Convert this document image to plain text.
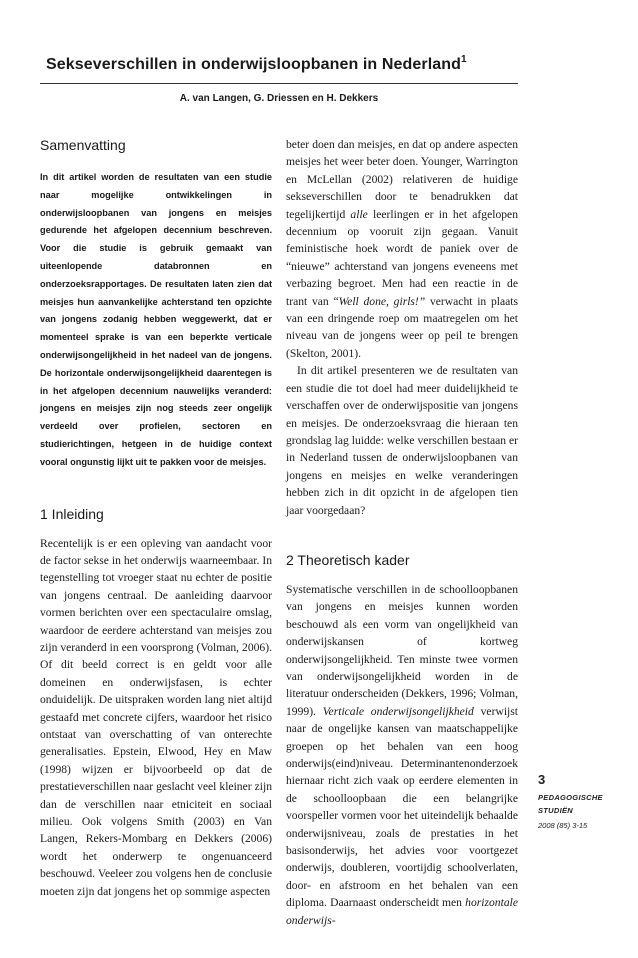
Sekseverschillen in onderwijsloopbanen in Nederland$^1$
A. van Langen, G. Driessen en H. Dekkers
Samenvatting

In dit artikel worden de resultaten van een studie naar mogelijke ontwikkelingen in onderwijsloopbanen van jongens en meisjes gedurende het afgelopen decennium beschreven. Voor die studie is gebruik gemaakt van uiteenlopende databronnen en onderzoeksrapportages. De resultaten laten zien dat meisjes hun aanvankelijke achterstand ten opzichte van jongens zodanig hebben weggewerkt, dat er momenteel sprake is van een beperkte verticale onderwijsongelijkheid in het nadeel van de jongens. De horizontale onderwijsongelijkheid daarentegen is in het afgelopen decennium nauwelijks veranderd: jongens en meisjes zijn nog steeds zeer ongelijk verdeeld over profielen, sectoren en studierichtingen, hetgeen in de huidige context vooral ongunstig lijkt uit te pakken voor de meisjes.

1 Inleiding

Recentelijk is er een opleving van aandacht voor de factor sekse in het onderwijs waarneembaar. In tegenstelling tot vroeger staat nu echter de positie van jongens centraal. De aanleiding daarvoor vormen berichten over een spectaculaire omslag, waardoor de eerdere achterstand van meisjes zou zijn veranderd in een voorsprong (Volman, 2006). Of dit beeld correct is en geldt voor alle domeinen en onderwijsfasen, is echter onduidelijk. De uitspraken worden lang niet altijd gestaafd met concrete cijfers, waardoor het risico ontstaat van overschatting of van onterechte generalisaties. Epstein, Elwood, Hey en Maw (1998) wijzen er bijvoorbeeld op dat de prestatieverschillen naar geslacht veel kleiner zijn dan de verschillen naar etniciteit en sociaal milieu. Ook volgens Smith (2003) en Van Langen, Rekers-Mombarg en Dekkers (2006) wordt het onderwerp te ongenuanceerd beschouwd. Veeleer zou volgens hen de conclusie moeten zijn dat jongens het op sommige aspecten

beter doen dan meisjes, en dat op andere aspecten meisjes het weer beter doen. Younger, Warrington en McLellan (2002) relativeren de huidige sekseverschillen door te benadrukken dat tegelijkertijd alle leerlingen er in het afgelopen decennium op vooruit zijn gegaan. Vanuit feministische hoek wordt de paniek over de “nieuwe” achterstand van jongens eveneens met verbazing begroet. Men had een reactie in de trant van “Well done, girls!” verwacht in plaats van een dringende roep om maatregelen om het niveau van de jongens weer op peil te brengen (Skelton, 2001).

In dit artikel presenteren we de resultaten van een studie die tot doel had meer duidelijkheid te verschaffen over de onderwijspositie van jongens en meisjes. De onderzoeksvraag die hieraan ten grondslag lag luidde: welke verschillen bestaan er in Nederland tussen de onderwijsloopbanen van jongens en meisjes en welke veranderingen hebben zich in dit opzicht in de afgelopen tien jaar voorgedaan?

2 Theoretisch kader

Systematische verschillen in de schoolloopbanen van jongens en meisjes kunnen worden beschouwd als een vorm van ongelijkheid van onderwijskansen of kortweg onderwijsongelijkheid. Ten minste twee vormen van onderwijsongelijkheid worden in de literatuur onderscheiden (Dekkers, 1996; Volman, 1999). Verticale onderwijsongelijkheid verwijst naar de ongelijke kansen van maatschappelijke groepen op het behalen van een hoog onderwijs(eind)niveau. Determinantenonderzoek hiernaar richt zich vaak op eerdere elementen in de schoolloopbaan die een belangrijke voorspeller vormen voor het uiteindelijk behaalde onderwijsniveau, zoals de prestaties in het basisonderwijs, het advies voor voortgezet onderwijs, doubleren, voortijdig schoolverlaten, door- en afstroom en het behalen van een diploma. Daarnaast onderscheidt men horizontale onderwijs-

3
PEDAGOGISCHE
STUDIËN
2008 (85) 3-15
